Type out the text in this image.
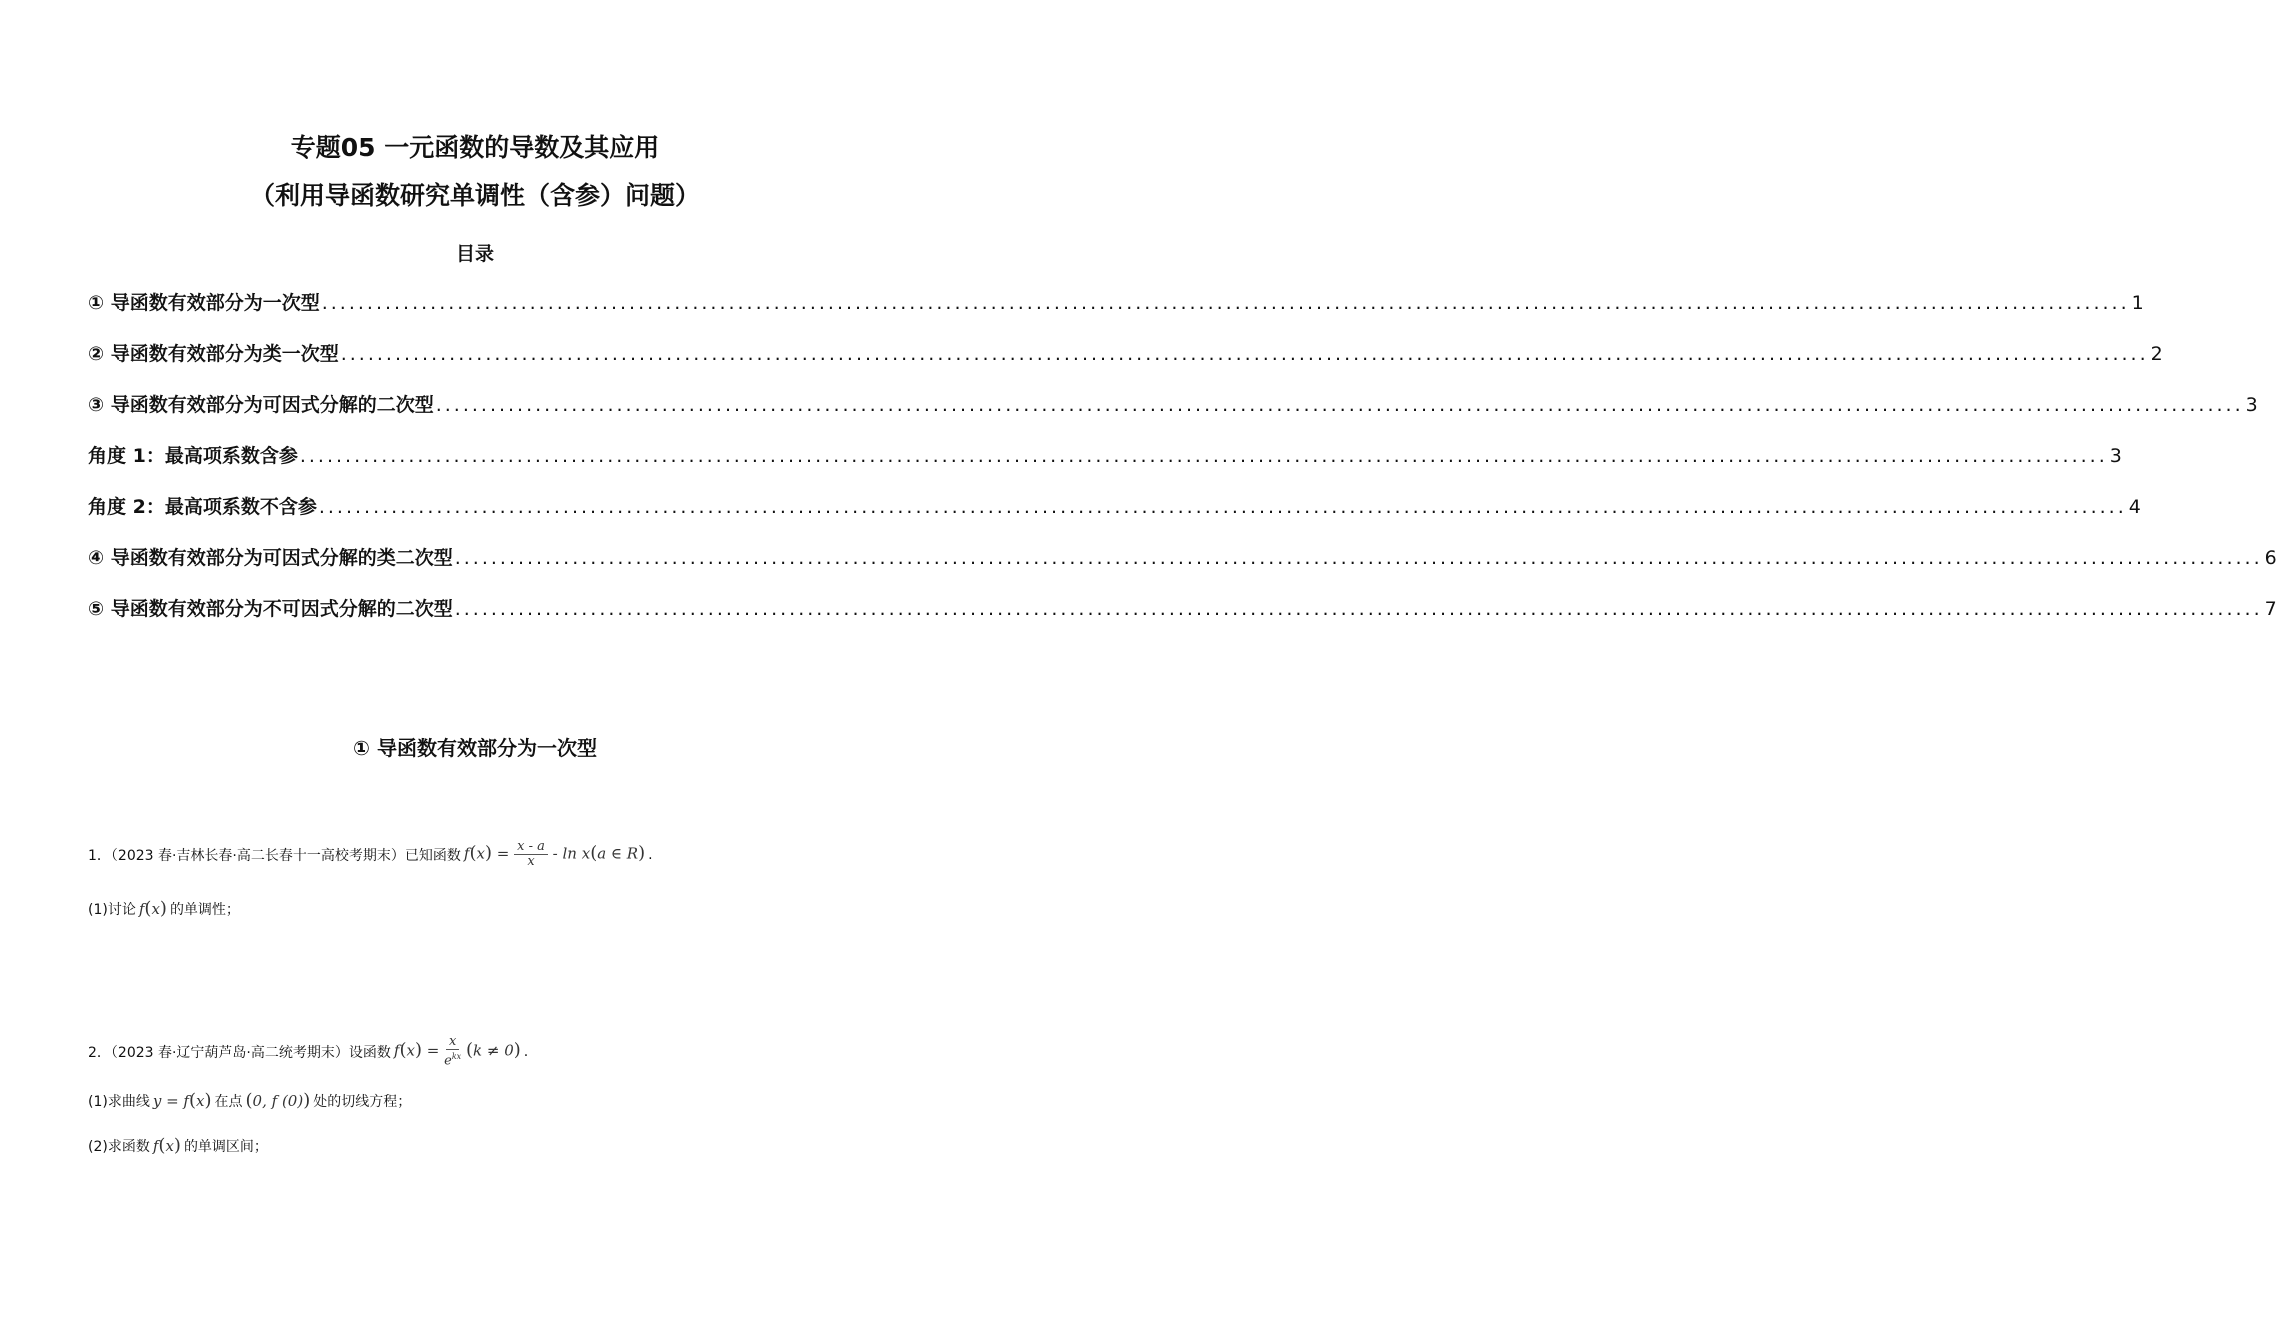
专题05 一元函数的导数及其应用
（利用导函数研究单调性（含参）问题）
目录
① 导函数有效部分为一次型 ........................................................................................................................................................................................................ 1
② 导函数有效部分为类一次型 ........................................................................................................................................................................................................ 2
③ 导函数有效部分为可因式分解的二次型 ........................................................................................................................................................................................................ 3
角度 1：最高项系数含参 ........................................................................................................................................................................................................ 3
角度 2：最高项系数不含参 ........................................................................................................................................................................................................ 4
④ 导函数有效部分为可因式分解的类二次型 ........................................................................................................................................................................................................ 6
⑤ 导函数有效部分为不可因式分解的二次型 ........................................................................................................................................................................................................ 7
① 导函数有效部分为一次型
1．（2023 春·吉林长春·高二长春十一高校考期末）已知函数 $f(x) = \frac{x - a}{x} - \ln x(a$ ∈ R) .
(1)讨论 f(x) 的单调性；
2．（2023 春·辽宁葫芦岛·高二统考期末）设函数 $f(x) = \frac{x}{e^{kx}} (k \ne 0)$ .
(1)求曲线 y = f(x) 在点 (0, f (0)) 处的切线方程；
(2)求函数 f(x) 的单调区间；
